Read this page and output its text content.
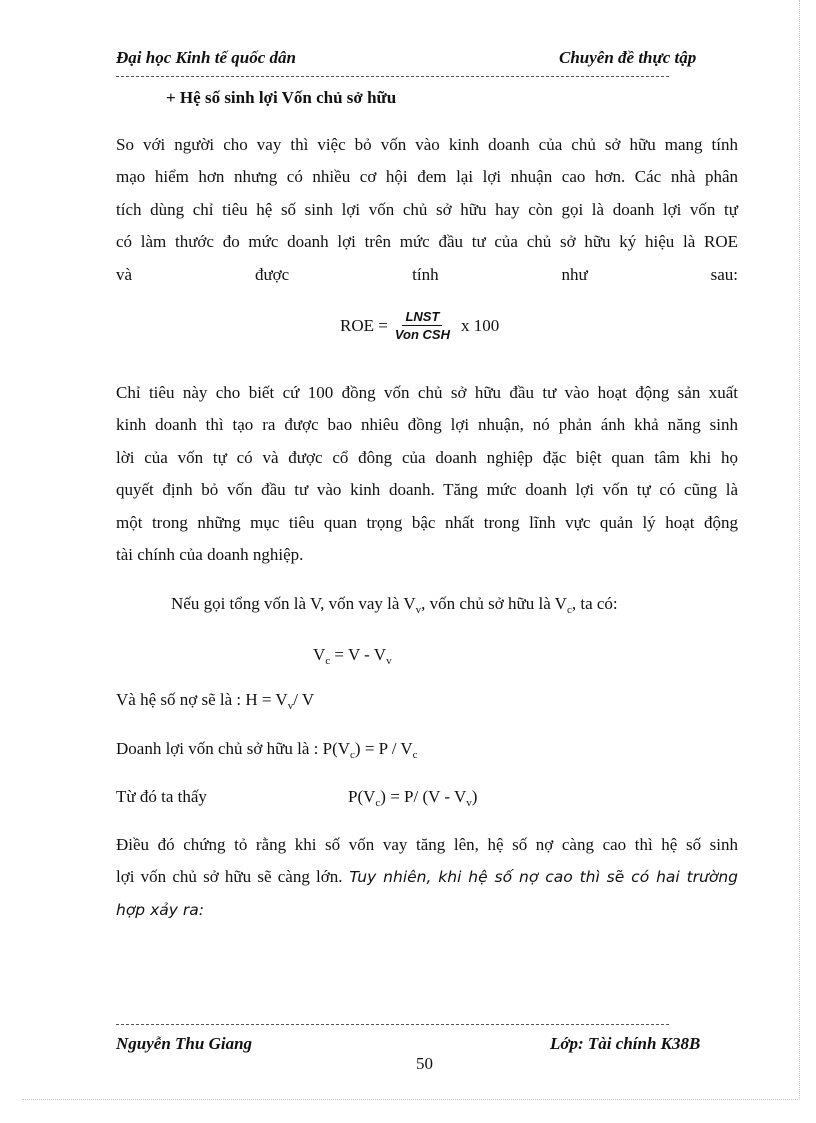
Đại học Kinh tế quốc dân	Chuyên đề thực tập
+ Hệ số sinh lợi Vốn chủ sở hữu
So với người cho vay thì việc bỏ vốn vào kinh doanh của chủ sở hữu mang tính
mạo hiểm hơn nhưng có nhiều cơ hội đem lại lợi nhuận cao hơn. Các nhà phân
tích dùng chỉ tiêu hệ số sinh lợi vốn chủ sở hữu hay còn gọi là doanh lợi vốn tự
có làm thước đo mức doanh lợi trên mức đầu tư của chủ sở hữu ký hiệu là ROE
và được tính như sau:
ROE = $\frac{\text{LNST}}{\text{Von CSH}}$ x 100
Chỉ tiêu này cho biết cứ 100 đồng vốn chủ sở hữu đầu tư vào hoạt động sản xuất
kinh doanh thì tạo ra được bao nhiêu đồng lợi nhuận, nó phản ánh khả năng sinh
lời của vốn tự có và được cổ đông của doanh nghiệp đặc biệt quan tâm khi họ
quyết định bỏ vốn đầu tư vào kinh doanh. Tăng mức doanh lợi vốn tự có cũng là
một trong những mục tiêu quan trọng bậc nhất trong lĩnh vực quản lý hoạt động
tài chính của doanh nghiệp.
Nếu gọi tổng vốn là V, vốn vay là $V_v$, vốn chủ sở hữu là $V_c$, ta có:
$V_c = V - V_v$
Và hệ số nợ sẽ là : $H = V_v/$ V
Doanh lợi vốn chủ sở hữu là : $P(V_c) = P / V_c$
Từ đó ta thấy	$P(V_c) = P/$ $(V - V_v)$
Điều đó chứng tỏ rằng khi số vốn vay tăng lên, hệ số nợ càng cao thì hệ số sinh
lợi vốn chủ sở hữu sẽ càng lớn. Tuy nhiên, khi hệ số nợ cao thì sẽ có hai trường
hợp xảy ra:
Nguyễn Thu Giang	Lớp: Tài chính K38B
50
